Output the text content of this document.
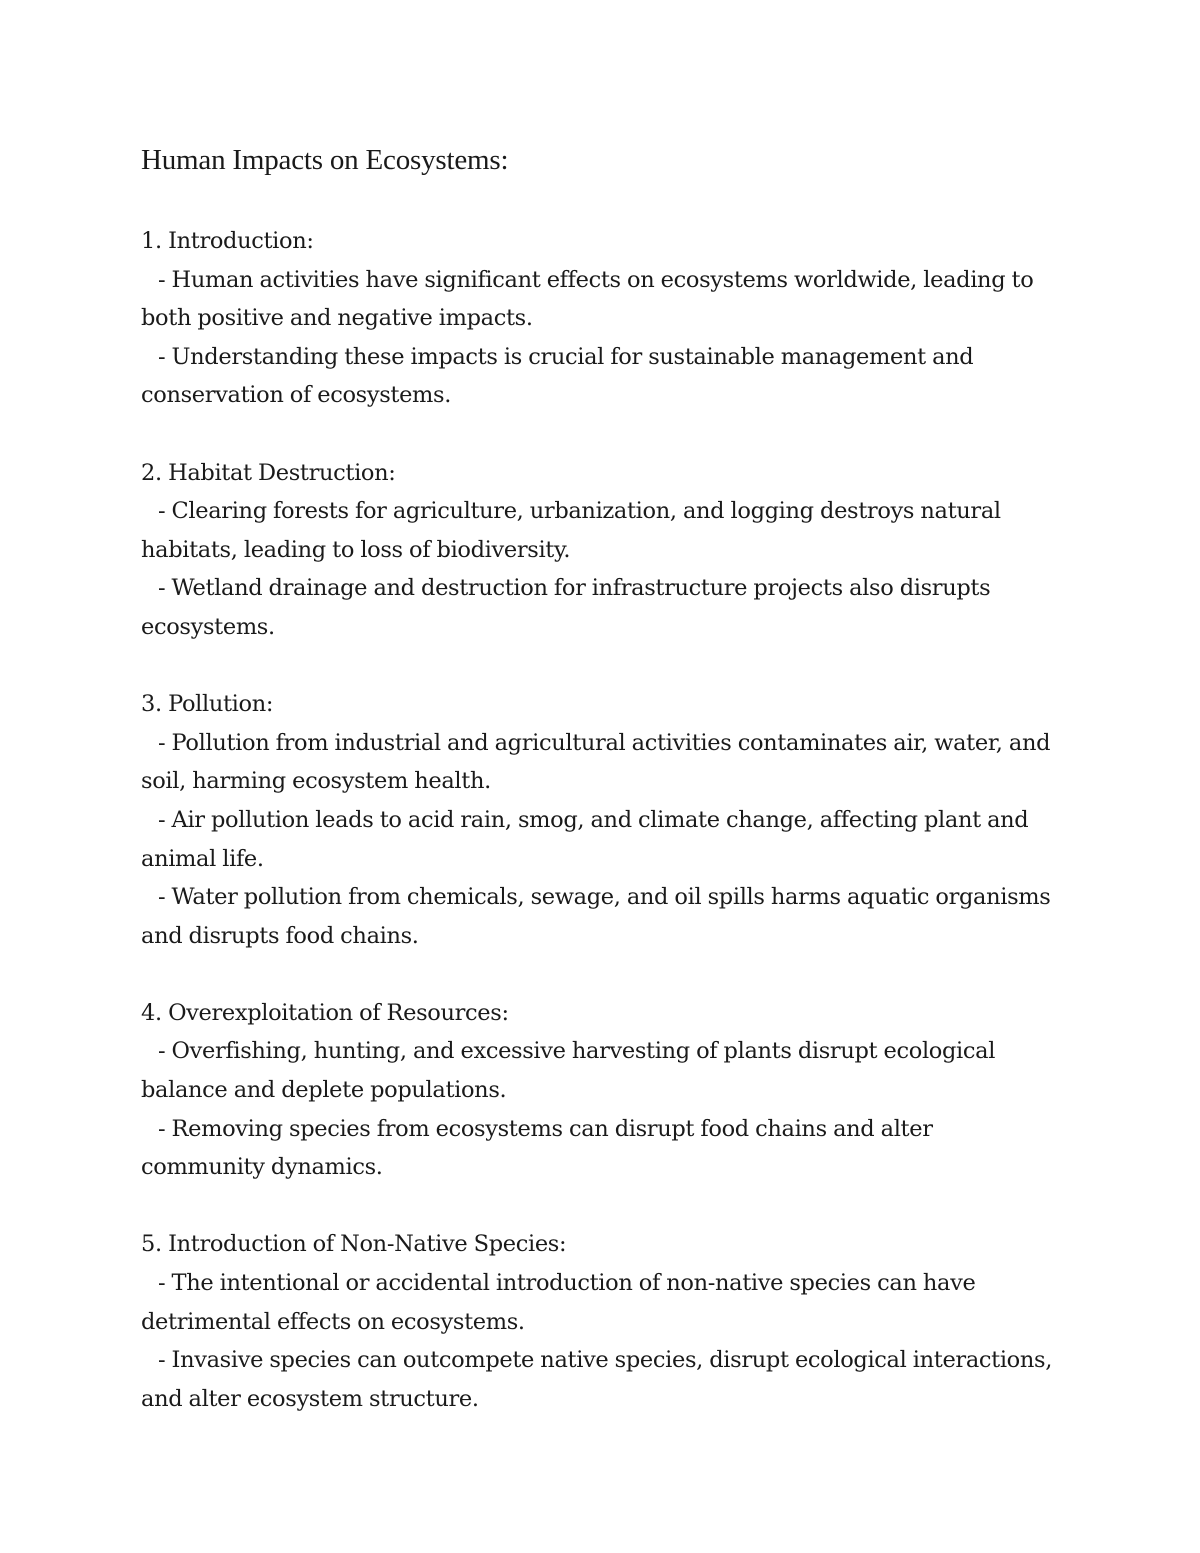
Human Impacts on Ecosystems:

1. Introduction:

- Human activities have significant effects on ecosystems worldwide, leading to both positive and negative impacts.

- Understanding these impacts is crucial for sustainable management and conservation of ecosystems.

2. Habitat Destruction:

- Clearing forests for agriculture, urbanization, and logging destroys natural habitats, leading to loss of biodiversity.

- Wetland drainage and destruction for infrastructure projects also disrupts ecosystems.

3. Pollution:

- Pollution from industrial and agricultural activities contaminates air, water, and soil, harming ecosystem health.

- Air pollution leads to acid rain, smog, and climate change, affecting plant and animal life.

- Water pollution from chemicals, sewage, and oil spills harms aquatic organisms and disrupts food chains.

4. Overexploitation of Resources:

- Overfishing, hunting, and excessive harvesting of plants disrupt ecological balance and deplete populations.

- Removing species from ecosystems can disrupt food chains and alter community dynamics.

5. Introduction of Non-Native Species:

- The intentional or accidental introduction of non-native species can have detrimental effects on ecosystems.

- Invasive species can outcompete native species, disrupt ecological interactions, and alter ecosystem structure.
